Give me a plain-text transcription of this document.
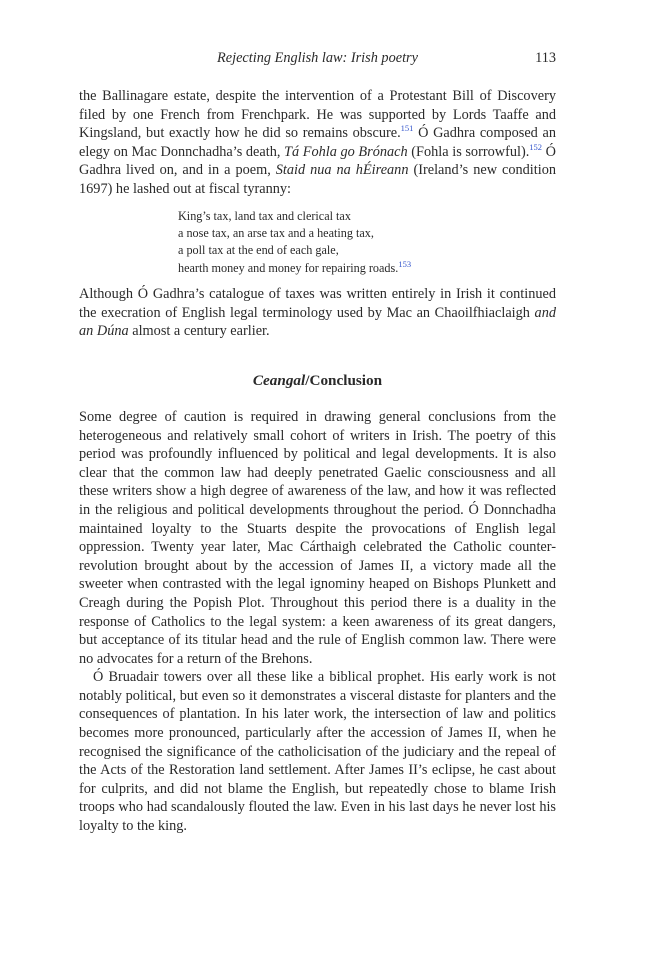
Rejecting English law: Irish poetry	113

the Ballinagare estate, despite the intervention of a Protestant Bill of Discovery filed by one French from Frenchpark. He was supported by Lords Taaffe and Kingsland, but exactly how he did so remains obscure.$^{151}$ Ó Gadhra composed an elegy on Mac Donnchadha’s death, Tá Fohla go Brónach (Fohla is sorrowful).$^{152}$ Ó Gadhra lived on, and in a poem, Staid nua na hÉireann (Ireland’s new condition 1697) he lashed out at fiscal tyranny:

King’s tax, land tax and clerical tax
a nose tax, an arse tax and a heating tax,
a poll tax at the end of each gale,
hearth money and money for repairing roads.$^{153}$

Although Ó Gadhra’s catalogue of taxes was written entirely in Irish it continued the execration of English legal terminology used by Mac an Chaoilfhiaclaigh and an Dúna almost a century earlier.

Ceangal/Conclusion

Some degree of caution is required in drawing general conclusions from the heterogeneous and relatively small cohort of writers in Irish. The poetry of this period was profoundly influenced by political and legal developments. It is also clear that the common law had deeply penetrated Gaelic consciousness and all these writers show a high degree of awareness of the law, and how it was reflected in the religious and political developments throughout the period. Ó Donnchadha maintained loyalty to the Stuarts despite the provocations of English legal oppression. Twenty year later, Mac Cárthaigh celebrated the Catholic counter-revolution brought about by the accession of James II, a victory made all the sweeter when contrasted with the legal ignominy heaped on Bishops Plunkett and Creagh during the Popish Plot. Throughout this period there is a duality in the response of Catholics to the legal system: a keen awareness of its great dangers, but acceptance of its titular head and the rule of English common law. There were no advocates for a return of the Brehons.

Ó Bruadair towers over all these like a biblical prophet. His early work is not notably political, but even so it demonstrates a visceral distaste for planters and the consequences of plantation. In his later work, the intersection of law and politics becomes more pronounced, particularly after the accession of James II, when he recognised the significance of the catholicisation of the judiciary and the repeal of the Acts of the Restoration land settlement. After James II’s eclipse, he cast about for culprits, and did not blame the English, but repeatedly chose to blame Irish troops who had scandalously flouted the law. Even in his last days he never lost his loyalty to the king.
